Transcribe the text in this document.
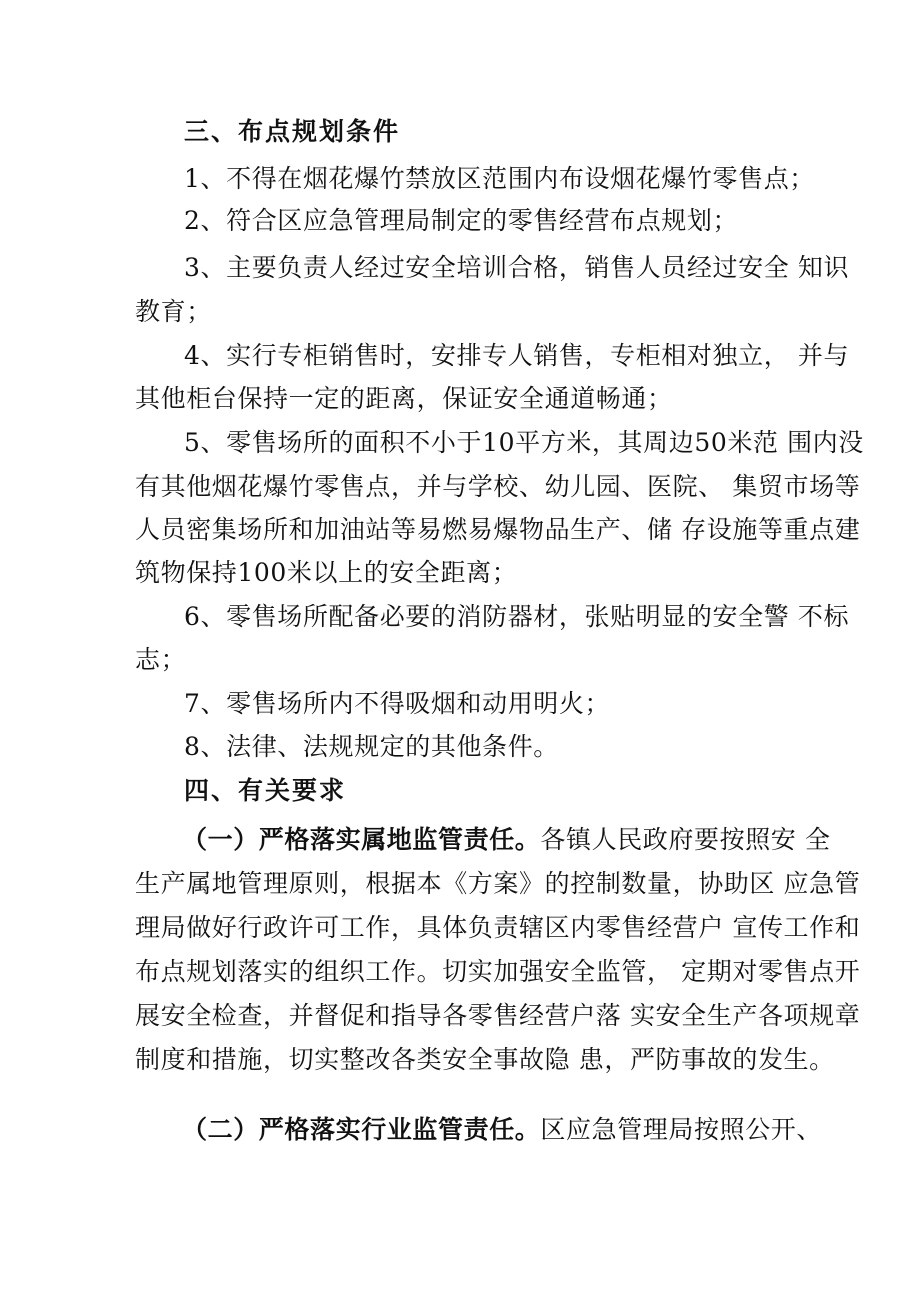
三、布点规划条件
1、不得在烟花爆竹禁放区范围内布设烟花爆竹零售点；
2、符合区应急管理局制定的零售经营布点规划；
3、主要负责人经过安全培训合格，销售人员经过安全 知识
教育；
4、实行专柜销售时，安排专人销售，专柜相对独立， 并与
其他柜台保持一定的距离，保证安全通道畅通；
5、零售场所的面积不小于10平方米，其周边50米范 围内没
有其他烟花爆竹零售点，并与学校、幼儿园、医院、 集贸市场等
人员密集场所和加油站等易燃易爆物品生产、储 存设施等重点建
筑物保持100米以上的安全距离；
6、零售场所配备必要的消防器材，张贴明显的安全警 不标
志；
7、零售场所内不得吸烟和动用明火；
8、法律、法规规定的其他条件。
四、有关要求
（一）严格落实属地监管责任。各镇人民政府要按照安 全
生产属地管理原则，根据本《方案》的控制数量，协助区 应急管
理局做好行政许可工作，具体负责辖区内零售经营户 宣传工作和
布点规划落实的组织工作。切实加强安全监管， 定期对零售点开
展安全检查，并督促和指导各零售经营户落 实安全生产各项规章
制度和措施，切实整改各类安全事故隐 患，严防事故的发生。
（二）严格落实行业监管责任。区应急管理局按照公开、
